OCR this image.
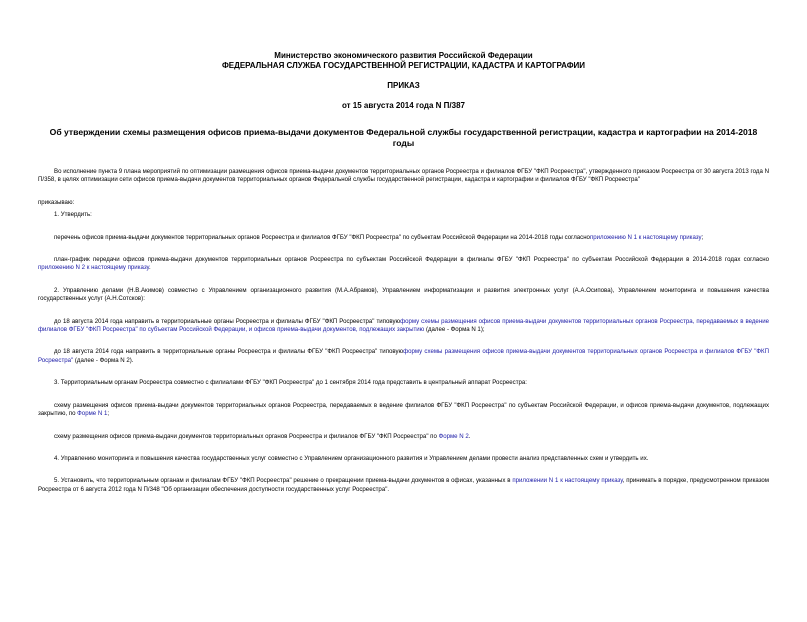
Министерство экономического развития Российской Федерации
ФЕДЕРАЛЬНАЯ СЛУЖБА ГОСУДАРСТВЕННОЙ РЕГИСТРАЦИИ, КАДАСТРА И КАРТОГРАФИИ
ПРИКАЗ
от 15 августа 2014 года N П/387
Об утверждении схемы размещения офисов приема-выдачи документов Федеральной службы государственной регистрации, кадастра и картографии на 2014-2018 годы

Во исполнение пункта 9 плана мероприятий по оптимизации размещения офисов приема-выдачи документов территориальных органов Росреестра и филиалов ФГБУ "ФКП Росреестра", утвержденного приказом Росреестра от 30 августа 2013 года N П/358, в целях оптимизации сети офисов приема-выдачи документов территориальных органов Федеральной службы государственной регистрации, кадастра и картографии и филиалов ФГБУ "ФКП Росреестра"

приказываю:

1. Утвердить:

перечень офисов приема-выдачи документов территориальных органов Росреестра и филиалов ФГБУ "ФКП Росреестра" по субъектам Российской Федерации на 2014-2018 годы согласноприложению N 1 к настоящему приказу;

план-график передачи офисов приема-выдачи документов территориальных органов Росреестра по субъектам Российской Федерации в филиалы ФГБУ "ФКП Росреестра" по субъектам Российской Федерации в 2014-2018 годах согласно приложению N 2 к настоящему приказу.

2. Управлению делами (Н.В.Акимов) совместно с Управлением организационного развития (М.А.Абрамов), Управлением информатизации и развития электронных услуг (А.А.Осипова), Управлением мониторинга и повышения качества государственных услуг (А.Н.Сотсков):

до 18 августа 2014 года направить в территориальные органы Росреестра и филиалы ФГБУ "ФКП Росреестра" типовуюформу схемы размещения офисов приема-выдачи документов территориальных органов Росреестра, передаваемых в ведение филиалов ФГБУ "ФКП Росреестра" по субъектам Российской Федерации, и офисов приема-выдачи документов, подлежащих закрытию (далее - Форма N 1);

до 18 августа 2014 года направить в территориальные органы Росреестра и филиалы ФГБУ "ФКП Росреестра" типовуюформу схемы размещения офисов приема-выдачи документов территориальных органов Росреестра и филиалов ФГБУ "ФКП Росреестра" (далее - Форма N 2).

3. Территориальным органам Росреестра совместно с филиалами ФГБУ "ФКП Росреестра" до 1 сентября 2014 года представить в центральный аппарат Росреестра:

схему размещения офисов приема-выдачи документов территориальных органов Росреестра, передаваемых в ведение филиалов ФГБУ "ФКП Росреестра" по субъектам Российской Федерации, и офисов приема-выдачи документов, подлежащих закрытию, по Форме N 1;

схему размещения офисов приема-выдачи документов территориальных органов Росреестра и филиалов ФГБУ "ФКП Росреестра" по Форме N 2.

4. Управлению мониторинга и повышения качества государственных услуг совместно с Управлением организационного развития и Управлением делами провести анализ представленных схем и утвердить их.

5. Установить, что территориальным органам и филиалам ФГБУ "ФКП Росреестра" решение о прекращении приема-выдачи документов в офисах, указанных в приложении N 1 к настоящему приказу, принимать в порядке, предусмотренном приказом Росреестра от 6 августа 2012 года N П/348 "Об организации обеспечения доступности государственных услуг Росреестра".
